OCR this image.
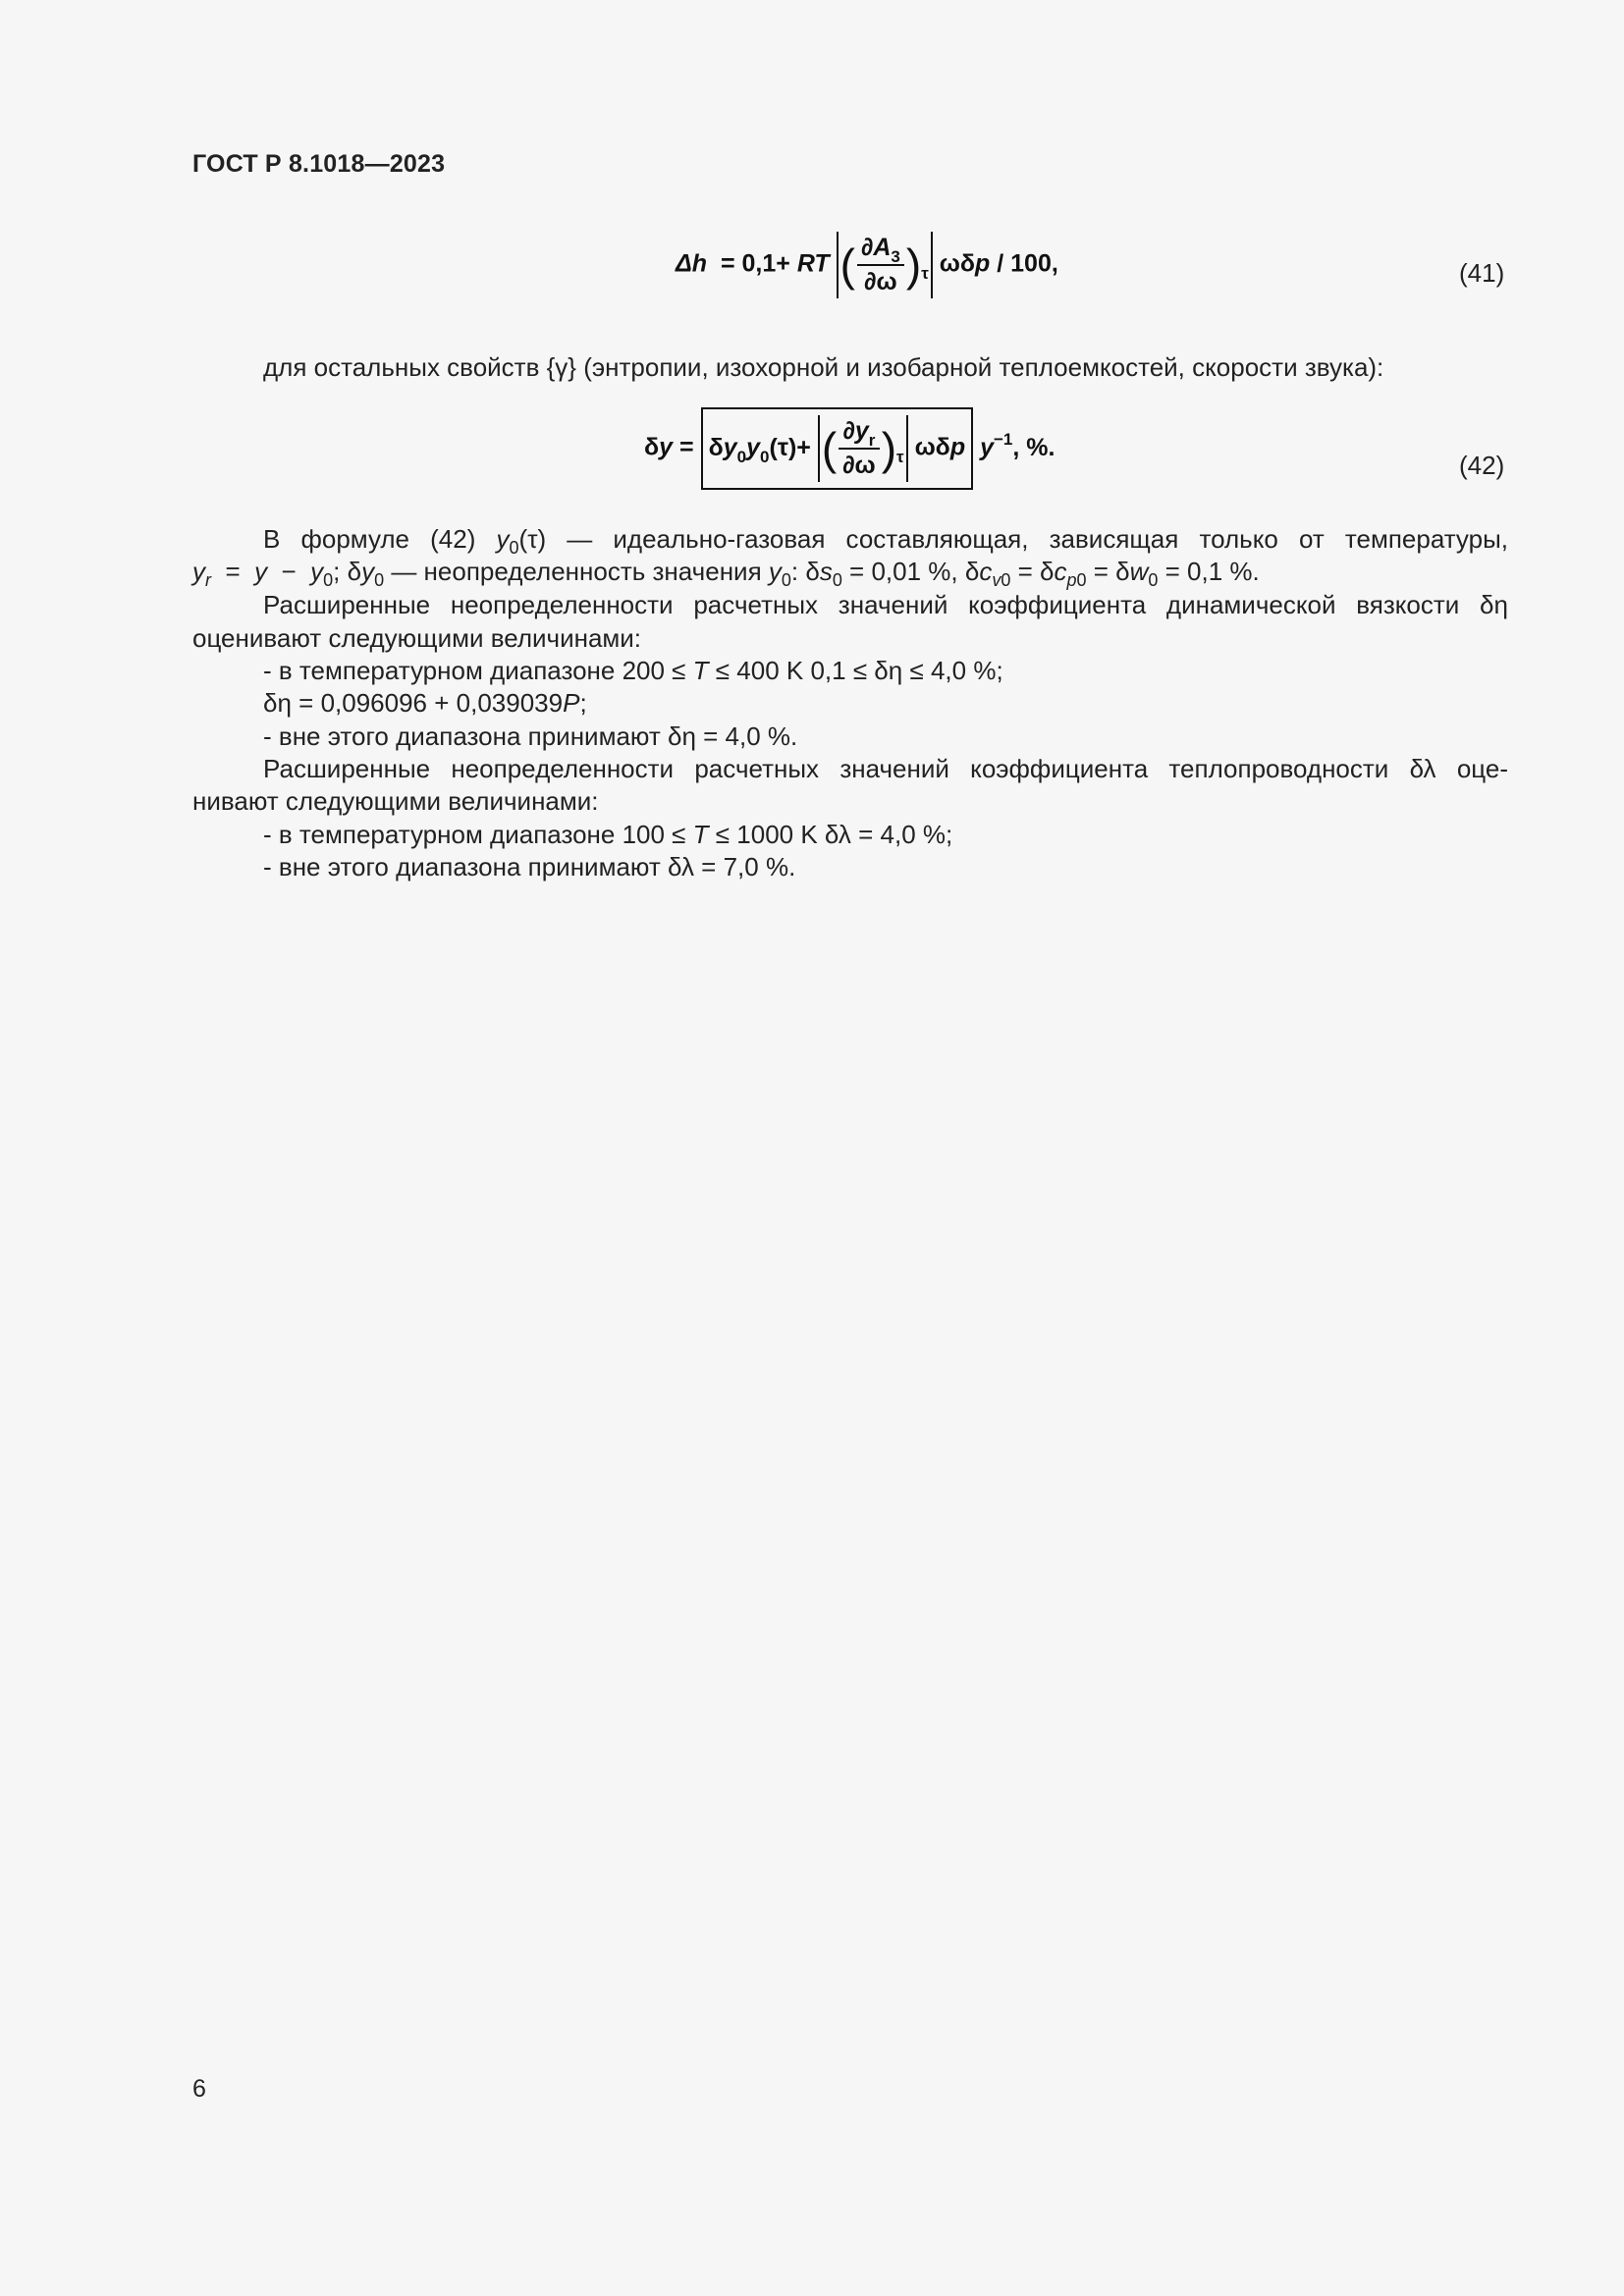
ГОСТ Р 8.1018—2023
Δh  = 0,1+ RT ( $\frac{\partial A_3}{\partial\omega} )_\tau$ ωδp / 100,	(41)
для остальных свойств {γ} (энтропии, изохорной и изобарной теплоемкостей, скорости звука):
$\delta y = \delta y_0y_0(\tau)+$ ( $\frac{\partial y_r}{\partial\omega} )_\tau$ ωδp $y^{-1}$, %.
(42)
В формуле (42) $y_0(\tau)$ — идеально-газовая составляющая, зависящая только от температуры,
$y_r = y - y_0$; $\delta y_0$ — неопределенность значения $y_0$: $\delta s_0 = 0,01$ %, $\delta c_{v0} = \delta c_{p0} = \delta w_0 = 0,1$ %.
Расширенные неопределенности расчетных значений коэффициента динамической вязкости δη
оценивают следующими величинами:
- в температурном диапазоне 200 ≤ T ≤ 400 K 0,1 ≤ δη ≤ 4,0 %;
δη = 0,096096 + 0,039039P;
- вне этого диапазона принимают δη = 4,0 %.
Расширенные неопределенности расчетных значений коэффициента теплопроводности δλ оце-
нивают следующими величинами:
- в температурном диапазоне 100 ≤ T ≤ 1000 K δλ = 4,0 %;
- вне этого диапазона принимают δλ = 7,0 %.
6
